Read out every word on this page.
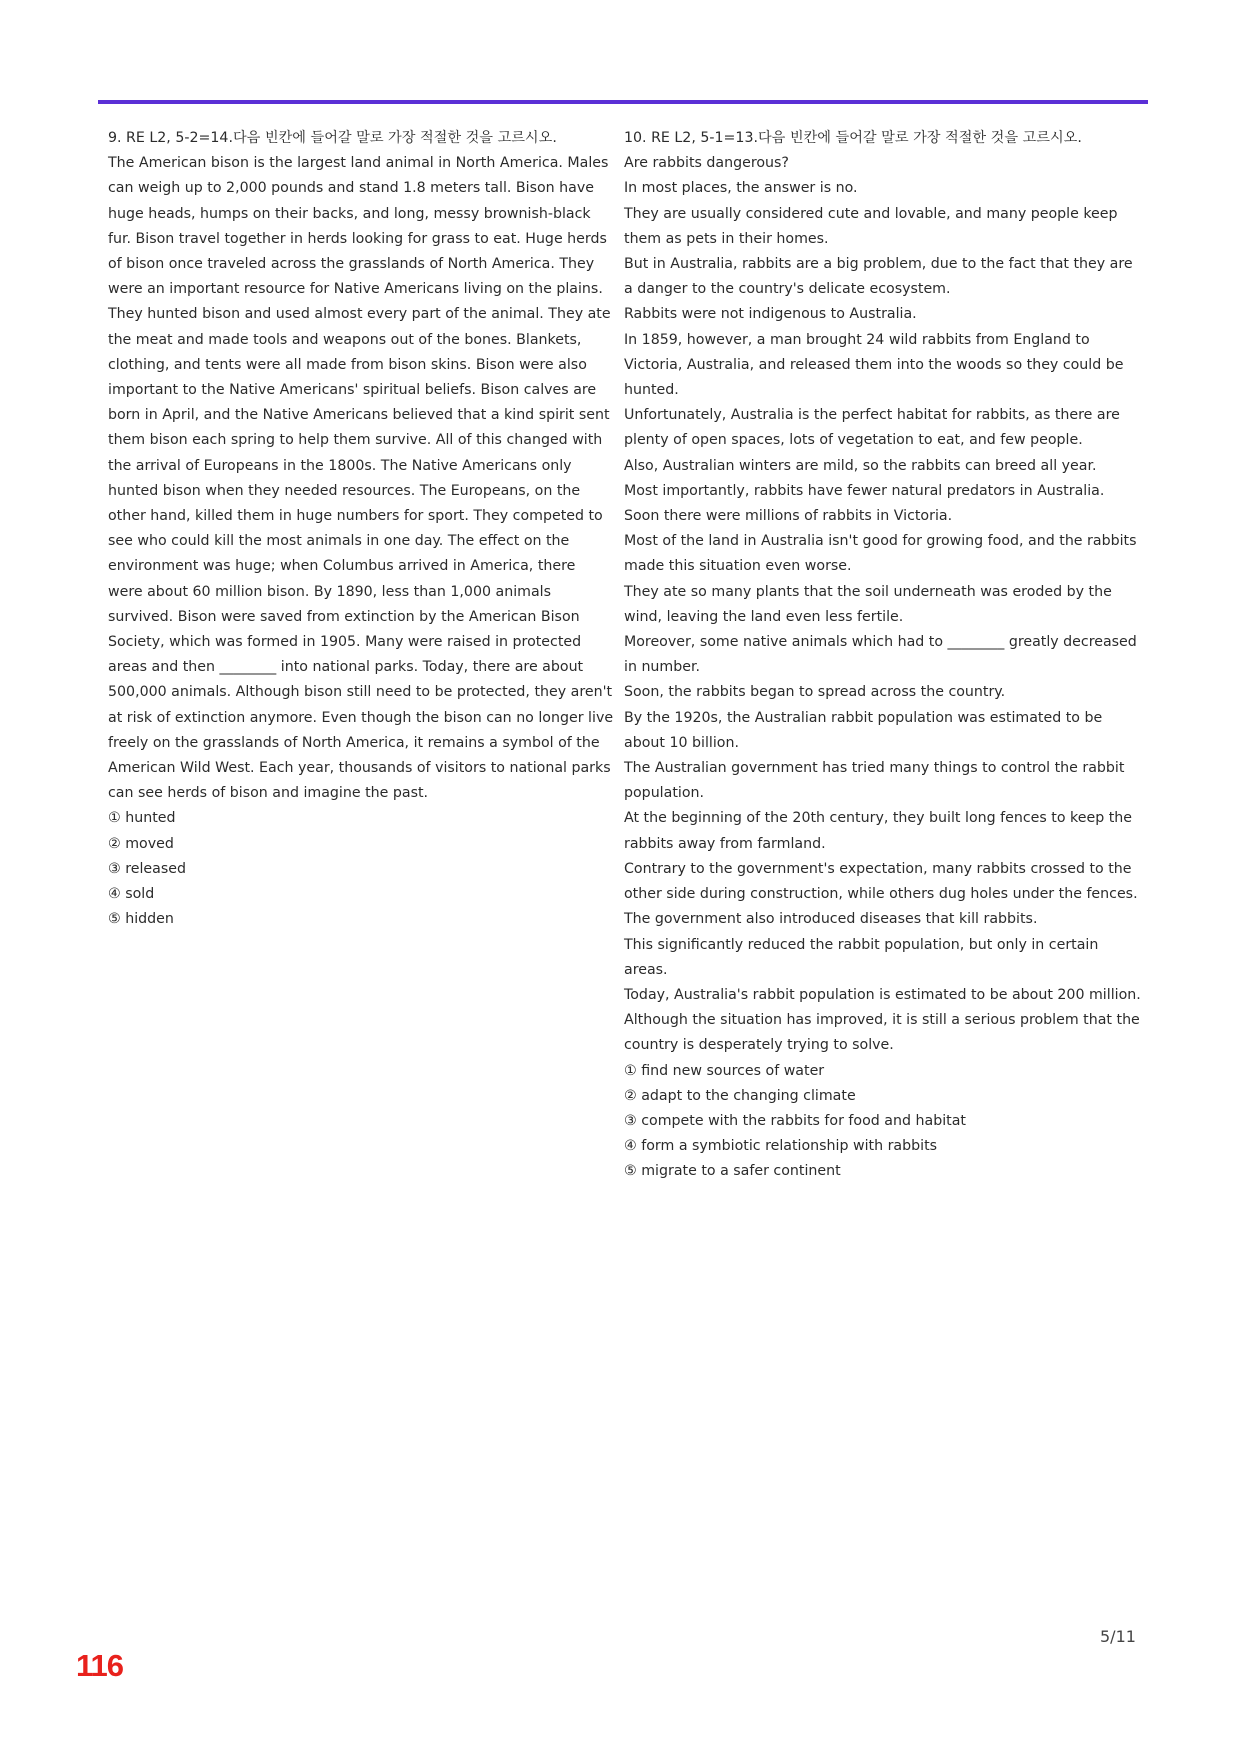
9. RE L2, 5-2=14.다음 빈칸에 들어갈 말로 가장 적절한 것을 고르시오.

The American bison is the largest land animal in North America. Males can weigh up to 2,000 pounds and stand 1.8 meters tall. Bison have huge heads, humps on their backs, and long, messy brownish-black fur. Bison travel together in herds looking for grass to eat. Huge herds of bison once traveled across the grasslands of North America. They were an important resource for Native Americans living on the plains. They hunted bison and used almost every part of the animal. They ate the meat and made tools and weapons out of the bones. Blankets, clothing, and tents were all made from bison skins. Bison were also important to the Native Americans' spiritual beliefs. Bison calves are born in April, and the Native Americans believed that a kind spirit sent them bison each spring to help them survive. All of this changed with the arrival of Europeans in the 1800s. The Native Americans only hunted bison when they needed resources. The Europeans, on the other hand, killed them in huge numbers for sport. They competed to see who could kill the most animals in one day. The effect on the environment was huge; when Columbus arrived in America, there were about 60 million bison. By 1890, less than 1,000 animals survived. Bison were saved from extinction by the American Bison Society, which was formed in 1905. Many were raised in protected areas and then ________ into national parks. Today, there are about 500,000 animals. Although bison still need to be protected, they aren't at risk of extinction anymore. Even though the bison can no longer live freely on the grasslands of North America, it remains a symbol of the American Wild West. Each year, thousands of visitors to national parks can see herds of bison and imagine the past.

① hunted

② moved

③ released

④ sold

⑤ hidden

10. RE L2, 5-1=13.다음 빈칸에 들어갈 말로 가장 적절한 것을 고르시오.

Are rabbits dangerous?

In most places, the answer is no.

They are usually considered cute and lovable, and many people keep them as pets in their homes.

But in Australia, rabbits are a big problem, due to the fact that they are a danger to the country's delicate ecosystem.

Rabbits were not indigenous to Australia.

In 1859, however, a man brought 24 wild rabbits from England to Victoria, Australia, and released them into the woods so they could be hunted.

Unfortunately, Australia is the perfect habitat for rabbits, as there are plenty of open spaces, lots of vegetation to eat, and few people.

Also, Australian winters are mild, so the rabbits can breed all year.

Most importantly, rabbits have fewer natural predators in Australia.

Soon there were millions of rabbits in Victoria.

Most of the land in Australia isn't good for growing food, and the rabbits made this situation even worse.

They ate so many plants that the soil underneath was eroded by the wind, leaving the land even less fertile.

Moreover, some native animals which had to ________ greatly decreased in number.

Soon, the rabbits began to spread across the country.

By the 1920s, the Australian rabbit population was estimated to be about 10 billion.

The Australian government has tried many things to control the rabbit population.

At the beginning of the 20th century, they built long fences to keep the rabbits away from farmland.

Contrary to the government's expectation, many rabbits crossed to the other side during construction, while others dug holes under the fences.

The government also introduced diseases that kill rabbits.

This significantly reduced the rabbit population, but only in certain areas.

Today, Australia's rabbit population is estimated to be about 200 million.

Although the situation has improved, it is still a serious problem that the country is desperately trying to solve.

① find new sources of water

② adapt to the changing climate

③ compete with the rabbits for food and habitat

④ form a symbiotic relationship with rabbits

⑤ migrate to a safer continent

5/11
116
